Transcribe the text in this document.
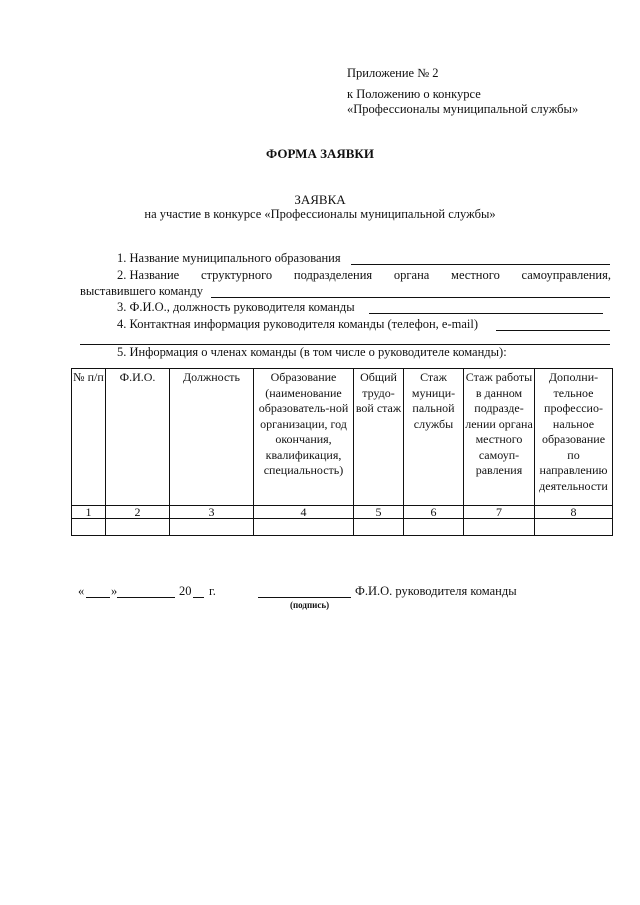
Приложение № 2
к Положению о конкурсе
«Профессионалы муниципальной службы»
ФОРМА ЗАЯВКИ
ЗАЯВКА
на участие в конкурсе «Профессионалы муниципальной службы»
1. Название муниципального образования
2. Название структурного подразделения органа местного самоуправления,
выставившего команду
3. Ф.И.О., должность руководителя команды
4. Контактная информация руководителя команды (телефон, e-mail)
5. Информация о членах команды (в том числе о руководителе команды):
№ п/п	Ф.И.О.	Должность	Образование (наименование образователь-ной организации, год окончания, квалификация, специальность)	Общий трудо-вой стаж	Стаж муници-пальной службы	Стаж работы в данном подразде-лении органа местного самоуп-равления	Дополни-тельное профессио-нальное образование по направлению деятельности
1	2	3	4	5	6	7	8

« »	20 г.	Ф.И.О. руководителя команды
(подпись)
